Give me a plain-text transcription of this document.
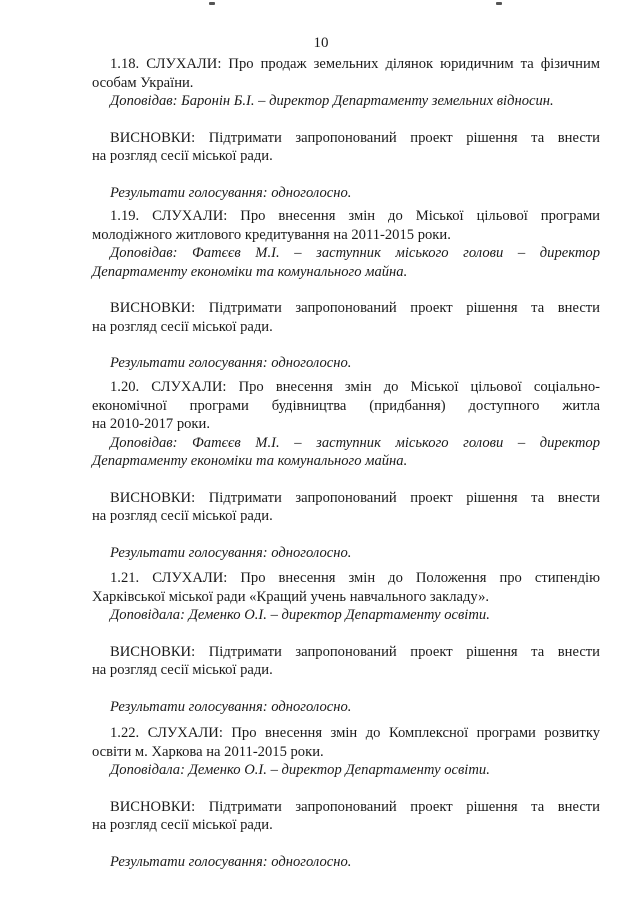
10

1.18. СЛУХАЛИ: Про продаж земельних ділянок юридичним та фізичним

особам України.

Доповідав: Баронін Б.І. – директор Департаменту земельних відносин.

ВИСНОВКИ: Підтримати запропонований проект рішення та внести

на розгляд сесії міської ради.

Результати голосування: одноголосно.

1.19. СЛУХАЛИ: Про внесення змін до Міської цільової програми

молодіжного житлового кредитування на 2011-2015 роки.

Доповідав: Фатєєв М.І. – заступник міського голови – директор

Департаменту економіки та комунального майна.

ВИСНОВКИ: Підтримати запропонований проект рішення та внести

на розгляд сесії міської ради.

Результати голосування: одноголосно.

1.20. СЛУХАЛИ: Про внесення змін до Міської цільової соціально-

економічної програми будівництва (придбання) доступного житла

на 2010-2017 роки.

Доповідав: Фатєєв М.І. – заступник міського голови – директор

Департаменту економіки та комунального майна.

ВИСНОВКИ: Підтримати запропонований проект рішення та внести

на розгляд сесії міської ради.

Результати голосування: одноголосно.

1.21. СЛУХАЛИ: Про внесення змін до Положення про стипендію

Харківської міської ради «Кращий учень навчального закладу».

Доповідала: Деменко О.І. – директор Департаменту освіти.

ВИСНОВКИ: Підтримати запропонований проект рішення та внести

на розгляд сесії міської ради.

Результати голосування: одноголосно.

1.22. СЛУХАЛИ: Про внесення змін до Комплексної програми розвитку

освіти м. Харкова на 2011-2015 роки.

Доповідала: Деменко О.І. – директор Департаменту освіти.

ВИСНОВКИ: Підтримати запропонований проект рішення та внести

на розгляд сесії міської ради.

Результати голосування: одноголосно.
